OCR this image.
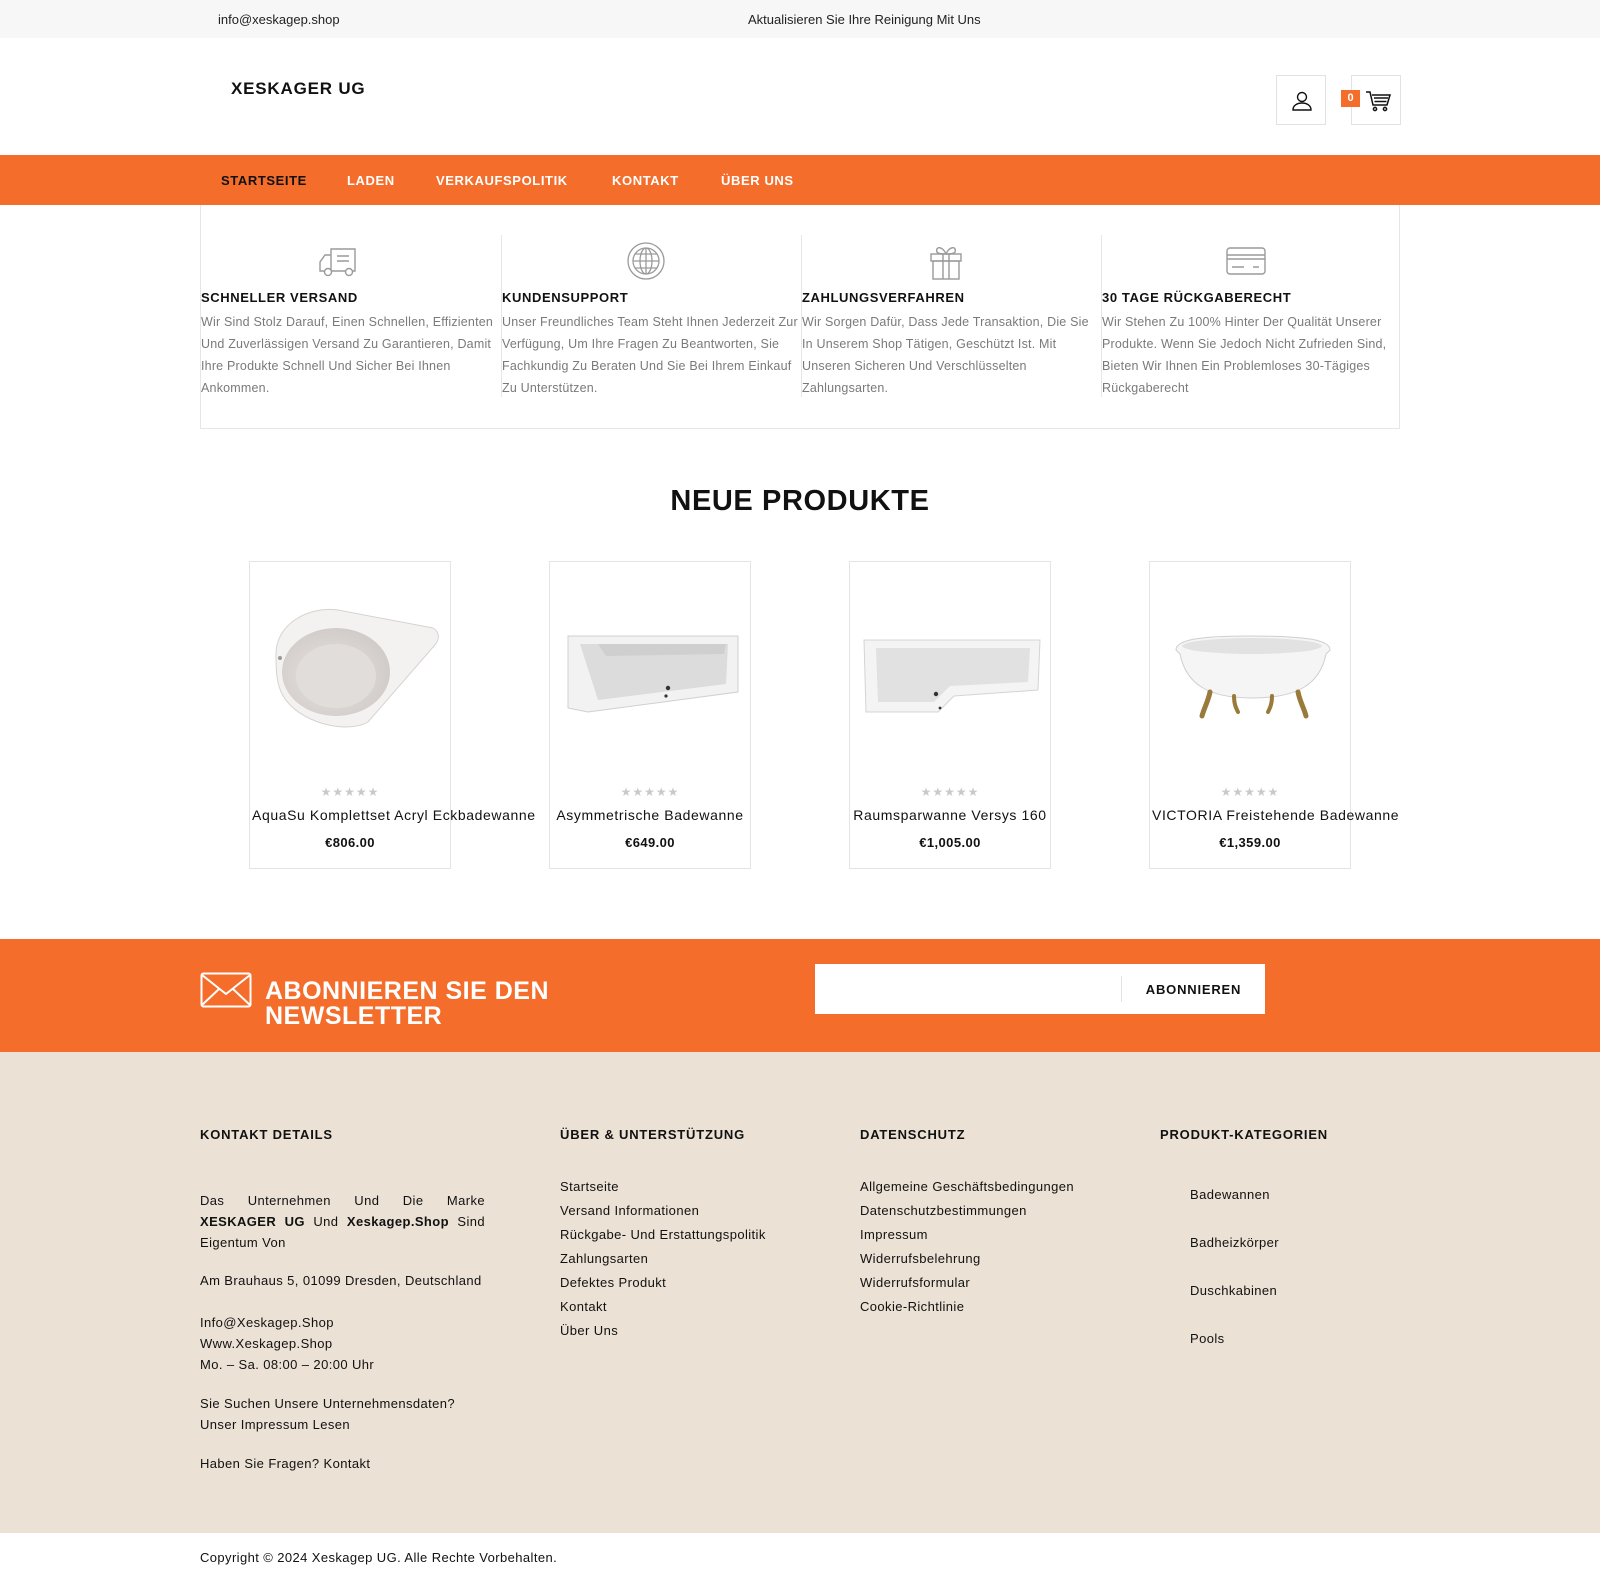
info@xeskagep.shop	Aktualisieren Sie Ihre Reinigung Mit Uns
XESKAGER UG	0
STARTSEITE	LADEN	VERKAUFSPOLITIK	KONTAKT	ÜBER UNS
SCHNELLER VERSAND

Wir Sind Stolz Darauf, Einen Schnellen, Effizienten Und Zuverlässigen Versand Zu Garantieren, Damit Ihre Produkte Schnell Und Sicher Bei Ihnen Ankommen.

KUNDENSUPPORT

Unser Freundliches Team Steht Ihnen Jederzeit Zur Verfügung, Um Ihre Fragen Zu Beantworten, Sie Fachkundig Zu Beraten Und Sie Bei Ihrem Einkauf Zu Unterstützen.

ZAHLUNGSVERFAHREN

Wir Sorgen Dafür, Dass Jede Transaktion, Die Sie In Unserem Shop Tätigen, Geschützt Ist. Mit Unseren Sicheren Und Verschlüsselten Zahlungsarten.

30 TAGE RÜCKGABERECHT

Wir Stehen Zu 100% Hinter Der Qualität Unserer Produkte. Wenn Sie Jedoch Nicht Zufrieden Sind, Bieten Wir Ihnen Ein Problemloses 30-Tägiges Rückgaberecht

NEUE PRODUKTE
★★★★★
AquaSu Komplettset Acryl Eckbadewanne
€806.00
★★★★★
Asymmetrische Badewanne
€649.00
★★★★★
Raumsparwanne Versys 160
€1,005.00
★★★★★
VICTORIA Freistehende Badewanne
€1,359.00
ABONNIEREN SIE DEN
NEWSLETTER
ABONNIEREN
KONTAKT DETAILS

Das Unternehmen Und Die Marke XESKAGER UG Und Xeskagep.Shop Sind Eigentum Von

Am Brauhaus 5, 01099 Dresden, Deutschland

Info@Xeskagep.Shop

Www.Xeskagep.Shop

Mo. – Sa. 08:00 – 20:00 Uhr

Sie Suchen Unsere Unternehmensdaten?

Unser Impressum Lesen

Haben Sie Fragen? Kontakt

ÜBER & UNTERSTÜTZUNG
Startseite
Versand Informationen
Rückgabe- Und Erstattungspolitik
Zahlungsarten
Defektes Produkt
Kontakt
Über Uns
DATENSCHUTZ
Allgemeine Geschäftsbedingungen
Datenschutzbestimmungen
Impressum
Widerrufsbelehrung
Widerrufsformular
Cookie-Richtlinie
PRODUKT-KATEGORIEN
Badewannen
Badheizkörper
Duschkabinen
Pools
Copyright © 2024 Xeskagep UG. Alle Rechte Vorbehalten.
